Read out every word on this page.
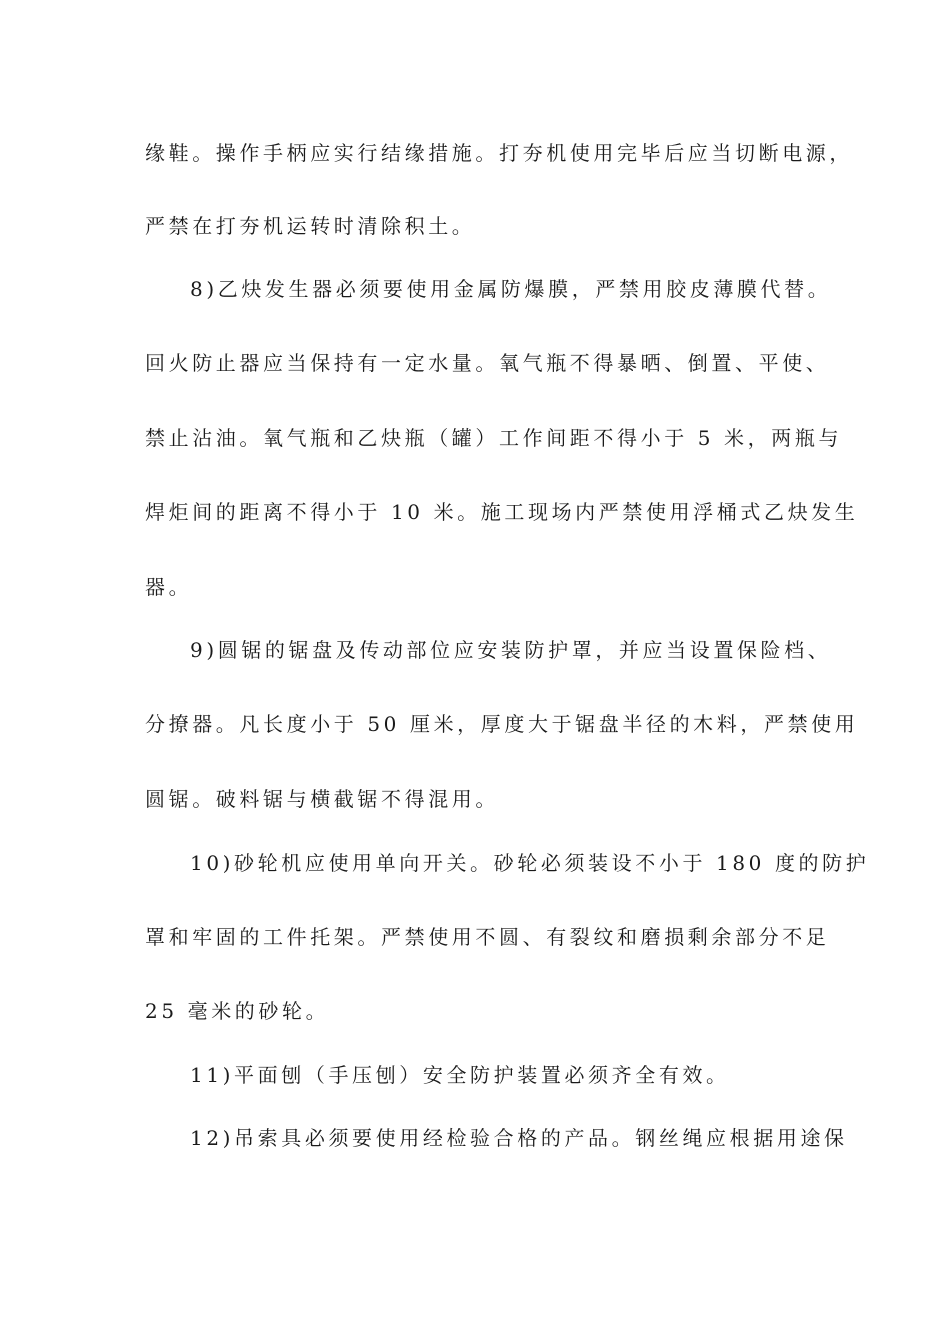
缘鞋。操作手柄应实行结缘措施。打夯机使用完毕后应当切断电源，
严禁在打夯机运转时清除积土。
8)乙炔发生器必须要使用金属防爆膜，严禁用胶皮薄膜代替。
回火防止器应当保持有一定水量。氧气瓶不得暴晒、倒置、平使、
禁止沾油。氧气瓶和乙炔瓶（罐）工作间距不得小于 5 米，两瓶与
焊炬间的距离不得小于 10 米。施工现场内严禁使用浮桶式乙炔发生
器。
9)圆锯的锯盘及传动部位应安装防护罩，并应当设置保险档、
分撩器。凡长度小于 50 厘米，厚度大于锯盘半径的木料，严禁使用
圆锯。破料锯与横截锯不得混用。
10)砂轮机应使用单向开关。砂轮必须装设不小于 180 度的防护
罩和牢固的工件托架。严禁使用不圆、有裂纹和磨损剩余部分不足
25 毫米的砂轮。
11)平面刨（手压刨）安全防护装置必须齐全有效。
12)吊索具必须要使用经检验合格的产品。钢丝绳应根据用途保
